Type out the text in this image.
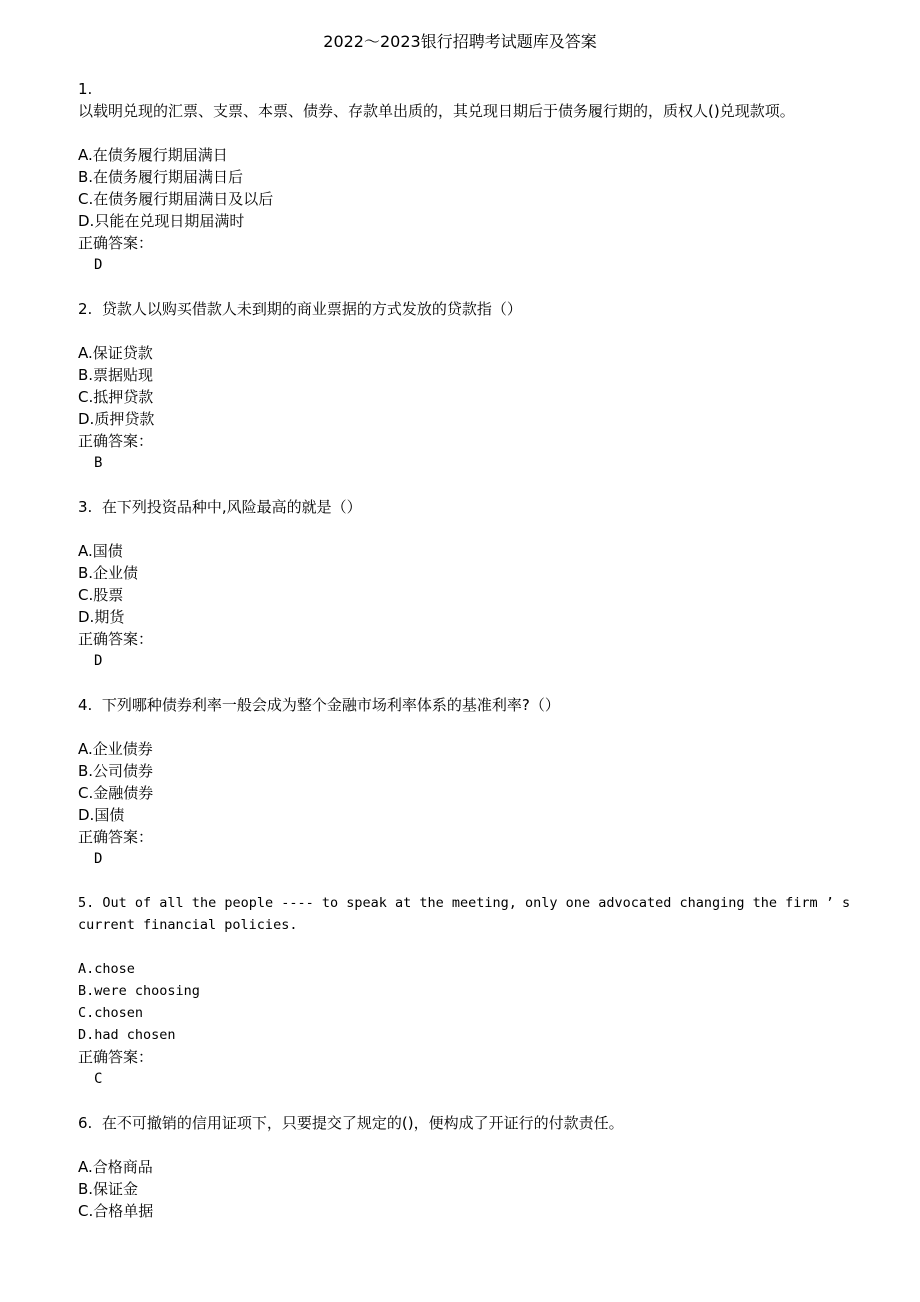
2022～2023银行招聘考试题库及答案
1.
以载明兑现的汇票、支票、本票、债券、存款单出质的，其兑现日期后于债务履行期的，质权人()兑现款项。
A.在债务履行期届满日
B.在债务履行期届满日后
C.在债务履行期届满日及以后
D.只能在兑现日期届满时
正确答案：
D
2. 贷款人以购买借款人未到期的商业票据的方式发放的贷款指（）
A.保证贷款
B.票据贴现
C.抵押贷款
D.质押贷款
正确答案：
B
3. 在下列投资品种中,风险最高的就是（）
A.国债
B.企业债
C.股票
D.期货
正确答案：
D
4. 下列哪种债券利率一般会成为整个金融市场利率体系的基准利率?（）
A.企业债券
B.公司债券
C.金融债券
D.国债
正确答案：
D
5. Out of all the people ---- to speak at the meeting, only one advocated changing the firm ’ s current financial policies.
A.chose
B.were choosing
C.chosen
D.had chosen
正确答案：
C
6. 在不可撤销的信用证项下，只要提交了规定的()，便构成了开证行的付款责任。
A.合格商品
B.保证金
C.合格单据
